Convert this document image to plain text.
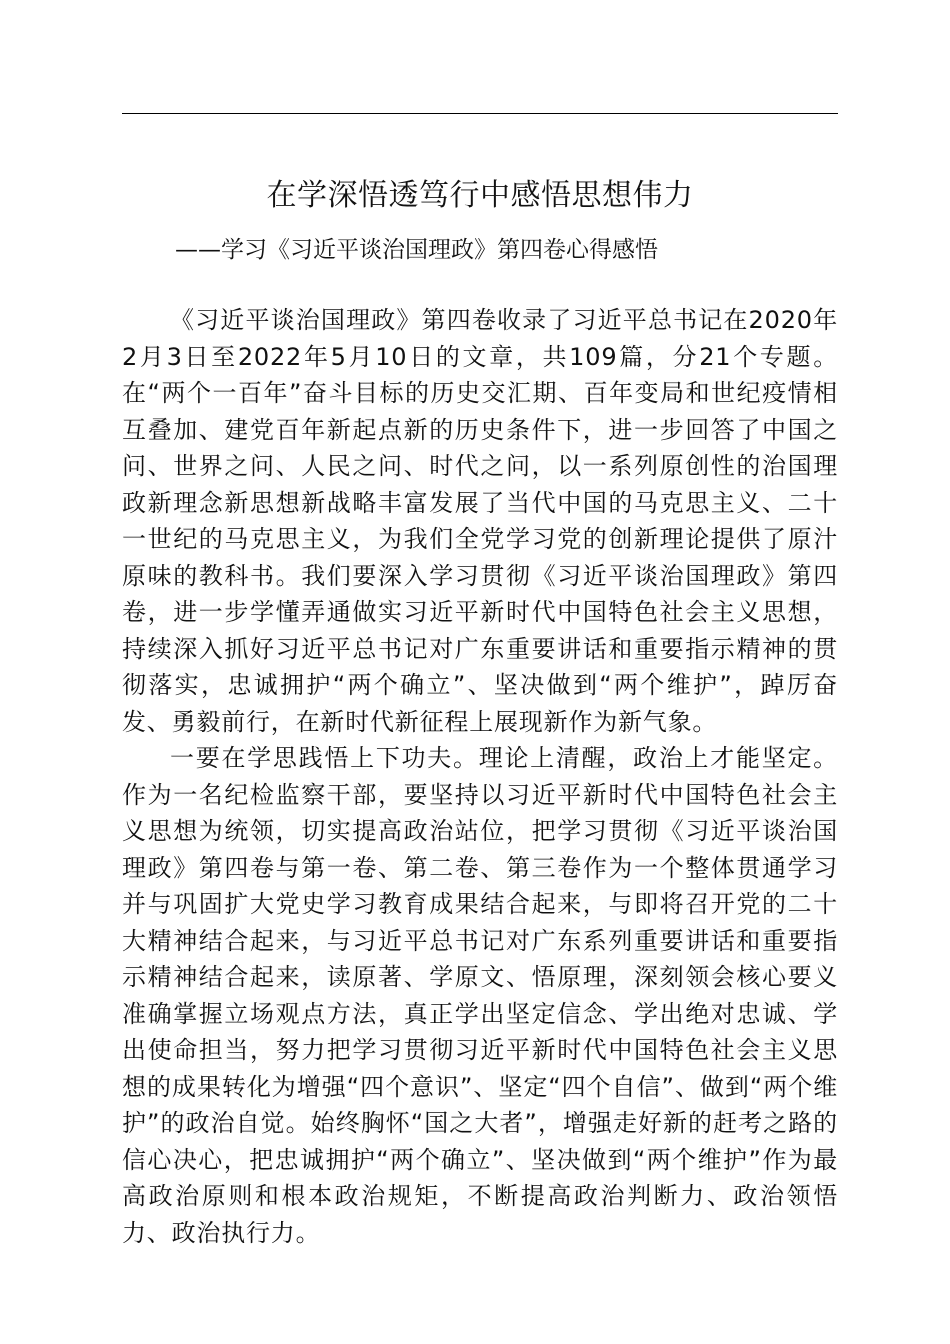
在学深悟透笃行中感悟思想伟力
——学习《习近平谈治国理政》第四卷心得感悟

《习近平谈治国理政》第四卷收录了习近平总书记在2020年2月3日至2022年5月10日的文章，共109篇，分21个专题。在“两个一百年”奋斗目标的历史交汇期、百年变局和世纪疫情相互叠加、建党百年新起点新的历史条件下，进一步回答了中国之问、世界之问、人民之问、时代之问，以一系列原创性的治国理政新理念新思想新战略丰富发展了当代中国的马克思主义、二十一世纪的马克思主义，为我们全党学习党的创新理论提供了原汁原味的教科书。我们要深入学习贯彻《习近平谈治国理政》第四卷，进一步学懂弄通做实习近平新时代中国特色社会主义思想，持续深入抓好习近平总书记对广东重要讲话和重要指示精神的贯彻落实，忠诚拥护“两个确立”、坚决做到“两个维护”，踔厉奋发、勇毅前行，在新时代新征程上展现新作为新气象。

一要在学思践悟上下功夫。理论上清醒，政治上才能坚定。作为一名纪检监察干部，要坚持以习近平新时代中国特色社会主义思想为统领，切实提高政治站位，把学习贯彻《习近平谈治国理政》第四卷与第一卷、第二卷、第三卷作为一个整体贯通学习并与巩固扩大党史学习教育成果结合起来，与即将召开党的二十大精神结合起来，与习近平总书记对广东系列重要讲话和重要指示精神结合起来，读原著、学原文、悟原理，深刻领会核心要义准确掌握立场观点方法，真正学出坚定信念、学出绝对忠诚、学出使命担当，努力把学习贯彻习近平新时代中国特色社会主义思想的成果转化为增强“四个意识”、坚定“四个自信”、做到“两个维护”的政治自觉。始终胸怀“国之大者”，增强走好新的赶考之路的信心决心，把忠诚拥护“两个确立”、坚决做到“两个维护”作为最高政治原则和根本政治规矩，不断提高政治判断力、政治领悟力、政治执行力。
